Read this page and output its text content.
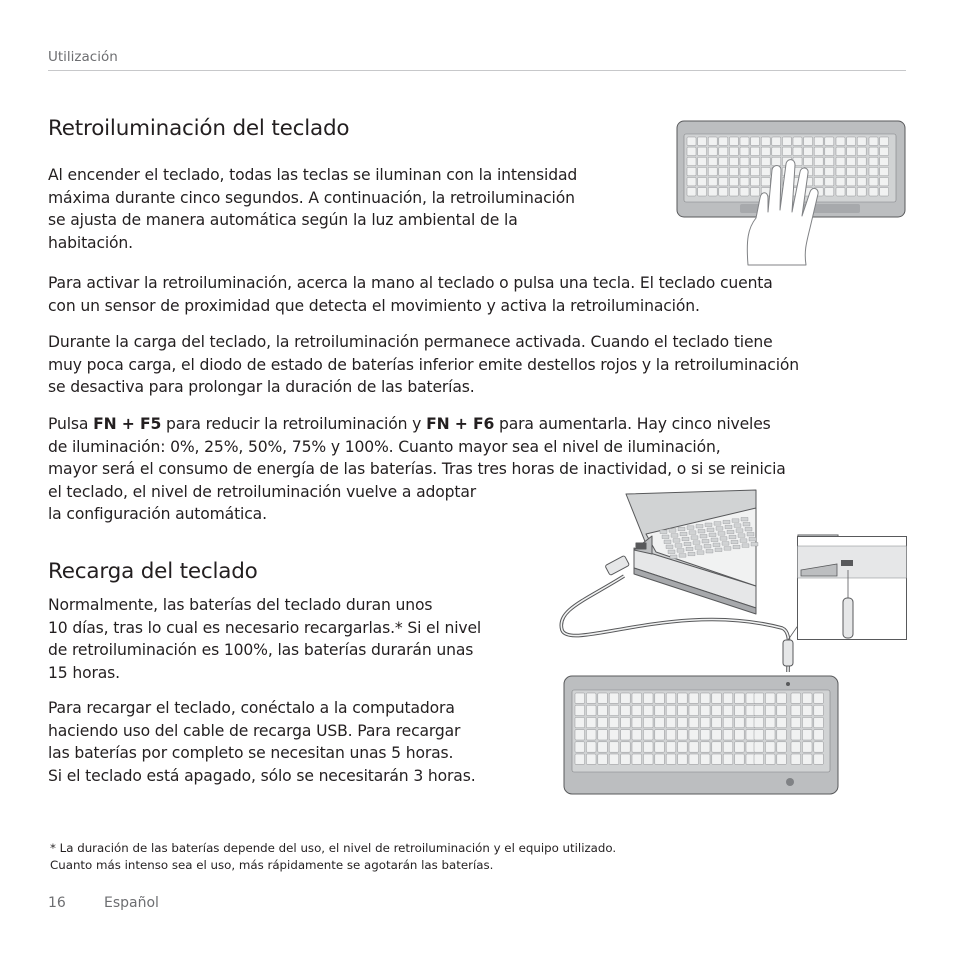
Utilización
Retroiluminación del teclado
Al encender el teclado, todas las teclas se iluminan con la intensidad
máxima durante cinco segundos. A continuación, la retroiluminación
se ajusta de manera automática según la luz ambiental de la
habitación.
Para activar la retroiluminación, acerca la mano al teclado o pulsa una tecla. El teclado cuenta
con un sensor de proximidad que detecta el movimiento y activa la retroiluminación.
Durante la carga del teclado, la retroiluminación permanece activada. Cuando el teclado tiene
muy poca carga, el diodo de estado de baterías inferior emite destellos rojos y la retroiluminación
se desactiva para prolongar la duración de las baterías.
Pulsa FN + F5 para reducir la retroiluminación y FN + F6 para aumentarla. Hay cinco niveles
de iluminación: 0%, 25%, 50%, 75% y 100%. Cuanto mayor sea el nivel de iluminación,
mayor será el consumo de energía de las baterías. Tras tres horas de inactividad, o si se reinicia
el teclado, el nivel de retroiluminación vuelve a adoptar
la configuración automática.
Recarga del teclado
Normalmente, las baterías del teclado duran unos
10 días, tras lo cual es necesario recargarlas.* Si el nivel
de retroiluminación es 100%, las baterías durarán unas
15 horas.
Para recargar el teclado, conéctalo a la computadora
haciendo uso del cable de recarga USB. Para recargar
las baterías por completo se necesitan unas 5 horas.
Si el teclado está apagado, sólo se necesitarán 3 horas.
* La duración de las baterías depende del uso, el nivel de retroiluminación y el equipo utilizado.
Cuanto más intenso sea el uso, más rápidamente se agotarán las baterías.
16	Español
